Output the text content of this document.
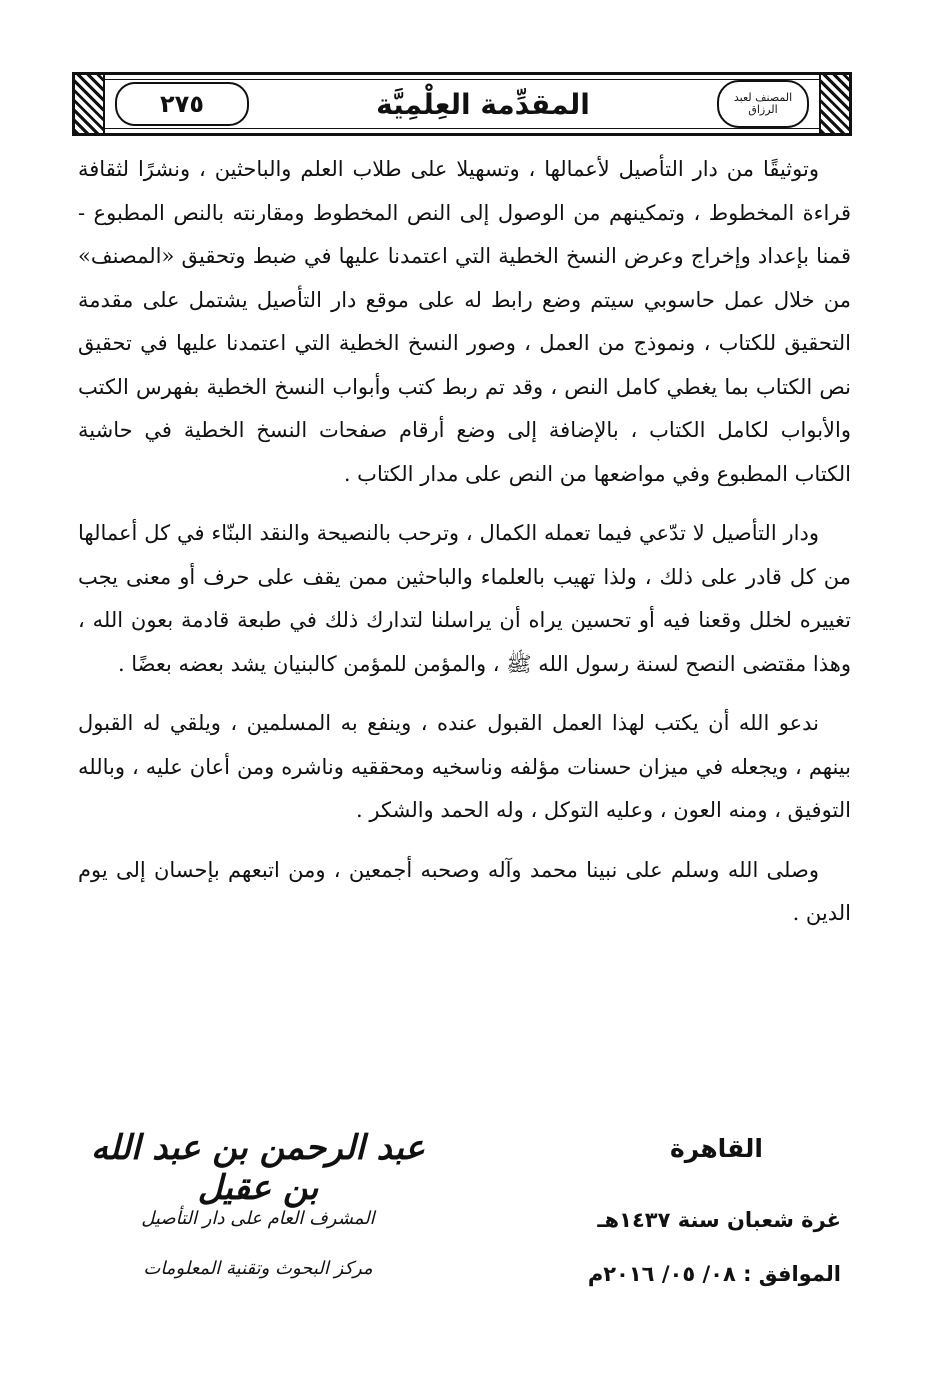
٢٧٥	المقدِّمة العِلْمِيَّة	المصنف لعبد الرزاق

وتوثيقًا من دار التأصيل لأعمالها ، وتسهيلا على طلاب العلم والباحثين ، ونشرًا لثقافة قراءة المخطوط ، وتمكينهم من الوصول إلى النص المخطوط ومقارنته بالنص المطبوع - قمنا بإعداد وإخراج وعرض النسخ الخطية التي اعتمدنا عليها في ضبط وتحقيق «المصنف» من خلال عمل حاسوبي سيتم وضع رابط له على موقع دار التأصيل يشتمل على مقدمة التحقيق للكتاب ، ونموذج من العمل ، وصور النسخ الخطية التي اعتمدنا عليها في تحقيق نص الكتاب بما يغطي كامل النص ، وقد تم ربط كتب وأبواب النسخ الخطية بفهرس الكتب والأبواب لكامل الكتاب ، بالإضافة إلى وضع أرقام صفحات النسخ الخطية في حاشية الكتاب المطبوع وفي مواضعها من النص على مدار الكتاب .

ودار التأصيل لا تدّعي فيما تعمله الكمال ، وترحب بالنصيحة والنقد البنّاء في كل أعمالها من كل قادر على ذلك ، ولذا تهيب بالعلماء والباحثين ممن يقف على حرف أو معنى يجب تغييره لخلل وقعنا فيه أو تحسين يراه أن يراسلنا لتدارك ذلك في طبعة قادمة بعون الله ، وهذا مقتضى النصح لسنة رسول الله ﷺ ، والمؤمن للمؤمن كالبنيان يشد بعضه بعضًا .

ندعو الله أن يكتب لهذا العمل القبول عنده ، وينفع به المسلمين ، ويلقي له القبول بينهم ، ويجعله في ميزان حسنات مؤلفه وناسخيه ومحققيه وناشره ومن أعان عليه ، وبالله التوفيق ، ومنه العون ، وعليه التوكل ، وله الحمد والشكر .

وصلى الله وسلم على نبينا محمد وآله وصحبه أجمعين ، ومن اتبعهم بإحسان إلى يوم الدين .

القاهرة
غرة شعبان سنة ١٤٣٧هـ
الموافق : ٠٨/ ٠٥/ ٢٠١٦م
عبد الرحمن بن عبد الله بن عقيل
المشرف العام على دار التأصيل
مركز البحوث وتقنية المعلومات
